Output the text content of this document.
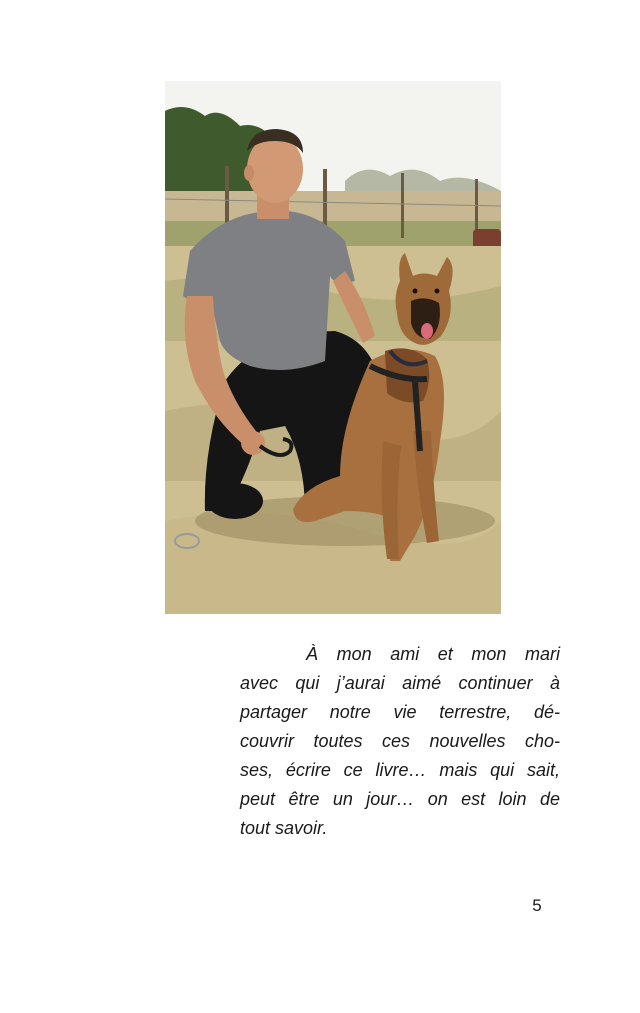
À mon ami et mon mari
avec qui j’aurai aimé continuer à
partager notre vie terrestre, dé-
couvrir toutes ces nouvelles cho-
ses, écrire ce livre… mais qui sait,
peut être un jour… on est loin de
tout savoir.
5
